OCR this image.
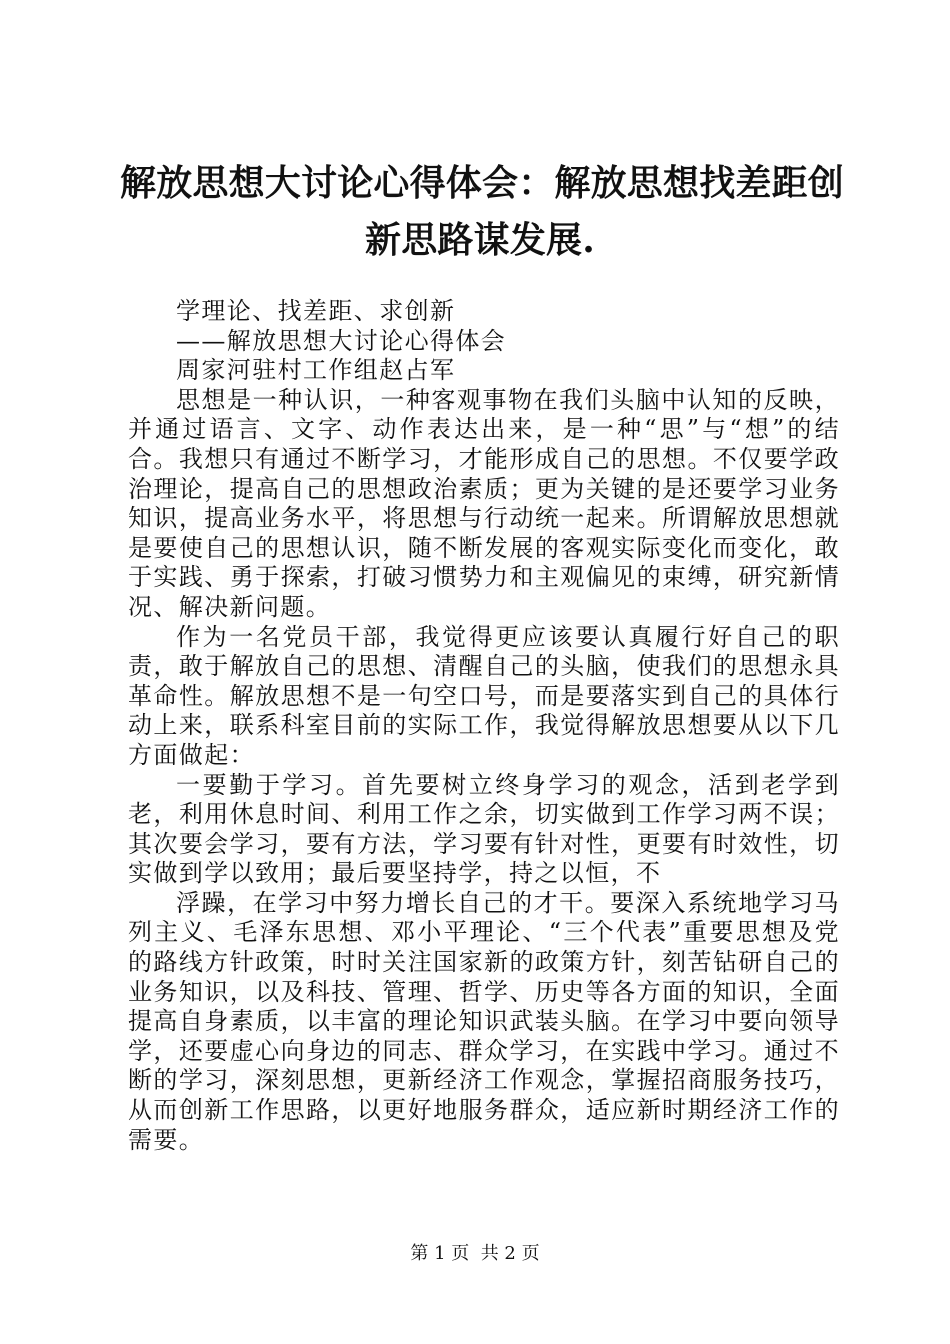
解放思想大讨论心得体会：解放思想找差距创
新思路谋发展.

学理论、找差距、求创新

——解放思想大讨论心得体会

周家河驻村工作组赵占军

思想是一种认识，一种客观事物在我们头脑中认知的反映，并通过语言、文字、动作表达出来，是一种“思”与“想”的结合。我想只有通过不断学习，才能形成自己的思想。不仅要学政治理论，提高自己的思想政治素质；更为关键的是还要学习业务知识，提高业务水平，将思想与行动统一起来。所谓解放思想就是要使自己的思想认识，随不断发展的客观实际变化而变化，敢于实践、勇于探索，打破习惯势力和主观偏见的束缚，研究新情况、解决新问题。

作为一名党员干部，我觉得更应该要认真履行好自己的职责，敢于解放自己的思想、清醒自己的头脑，使我们的思想永具革命性。解放思想不是一句空口号，而是要落实到自己的具体行动上来，联系科室目前的实际工作，我觉得解放思想要从以下几方面做起：

一要勤于学习。首先要树立终身学习的观念，活到老学到老，利用休息时间、利用工作之余，切实做到工作学习两不误；其次要会学习，要有方法，学习要有针对性，更要有时效性，切实做到学以致用；最后要坚持学，持之以恒，不

浮躁，在学习中努力增长自己的才干。要深入系统地学习马列主义、毛泽东思想、邓小平理论、“三个代表”重要思想及党的路线方针政策，时时关注国家新的政策方针，刻苦钻研自己的业务知识，以及科技、管理、哲学、历史等各方面的知识，全面提高自身素质，以丰富的理论知识武装头脑。在学习中要向领导学，还要虚心向身边的同志、群众学习，在实践中学习。通过不断的学习，深刻思想，更新经济工作观念，掌握招商服务技巧，从而创新工作思路，以更好地服务群众，适应新时期经济工作的需要。

第 1 页  共 2 页
